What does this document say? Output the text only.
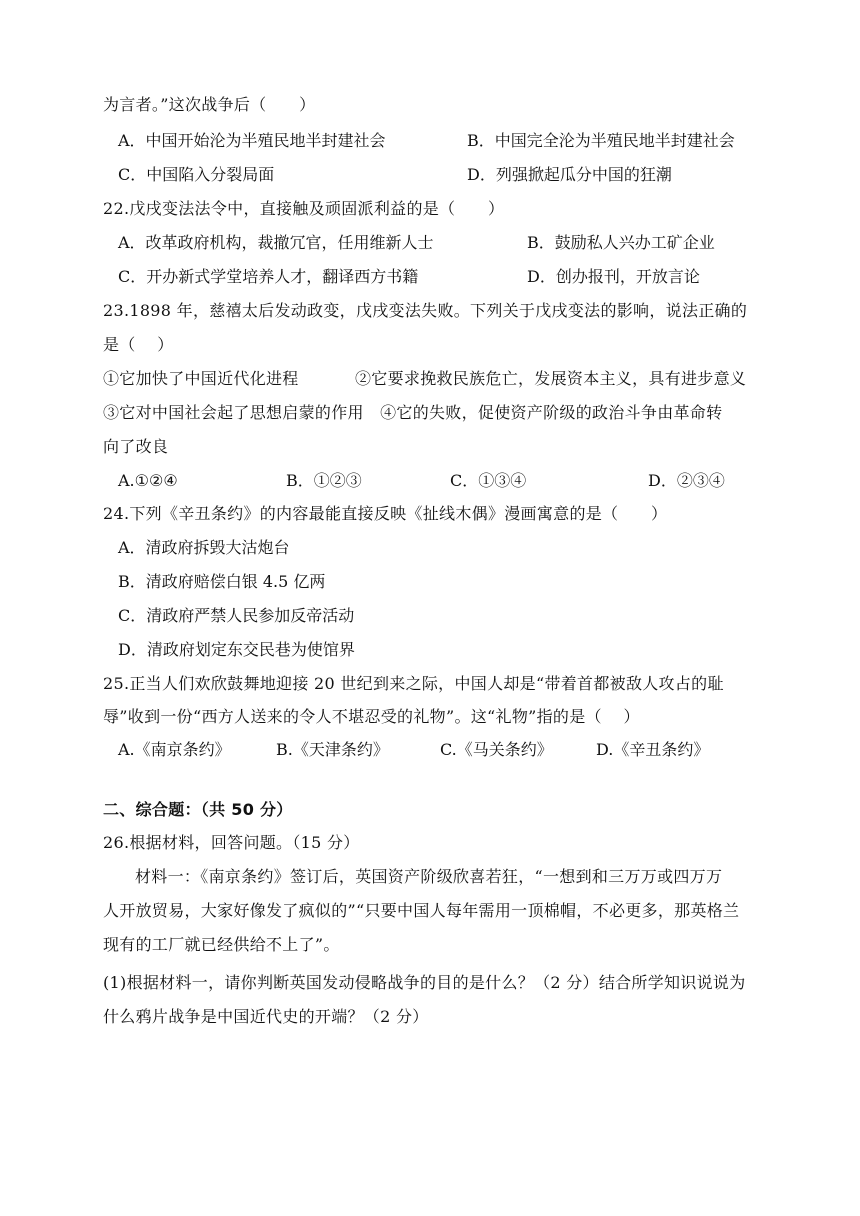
为言者。”这次战争后（　　）
A．中国开始沦为半殖民地半封建社会	B．中国完全沦为半殖民地半封建社会
C．中国陷入分裂局面	D．列强掀起瓜分中国的狂潮
22.戊戌变法法令中，直接触及顽固派利益的是（　　）
A．改革政府机构，裁撤冗官，任用维新人士	B．鼓励私人兴办工矿企业
C．开办新式学堂培养人才，翻译西方书籍	D．创办报刊，开放言论
23.1898 年，慈禧太后发动政变，戊戌变法失败。下列关于戊戌变法的影响，说法正确的
是（　 ）
①它加快了中国近代化进程	②它要求挽救民族危亡，发展资本主义，具有进步意义
③它对中国社会起了思想启蒙的作用　④它的失败，促使资产阶级的政治斗争由革命转
向了改良
A.①②④	B．①②③	C．①③④	D．②③④
24.下列《辛丑条约》的内容最能直接反映《扯线木偶》漫画寓意的是（　　）
A．清政府拆毁大沽炮台
B．清政府赔偿白银 4.5 亿两
C．清政府严禁人民参加反帝活动
D．清政府划定东交民巷为使馆界
25.正当人们欢欣鼓舞地迎接 20 世纪到来之际，中国人却是“带着首都被敌人攻占的耻
辱”收到一份“西方人送来的令人不堪忍受的礼物”。这“礼物”指的是（　 ）
A.《南京条约》	B.《天津条约》	C.《马关条约》	D.《辛丑条约》
二、综合题：（共 50 分）
26.根据材料，回答问题。（15 分）
材料一：《南京条约》签订后，英国资产阶级欣喜若狂，“一想到和三万万或四万万
人开放贸易，大家好像发了疯似的”“只要中国人每年需用一顶棉帽，不必更多，那英格兰
现有的工厂就已经供给不上了”。
(1)根据材料一，请你判断英国发动侵略战争的目的是什么？（2 分）结合所学知识说说为
什么鸦片战争是中国近代史的开端？（2 分）
